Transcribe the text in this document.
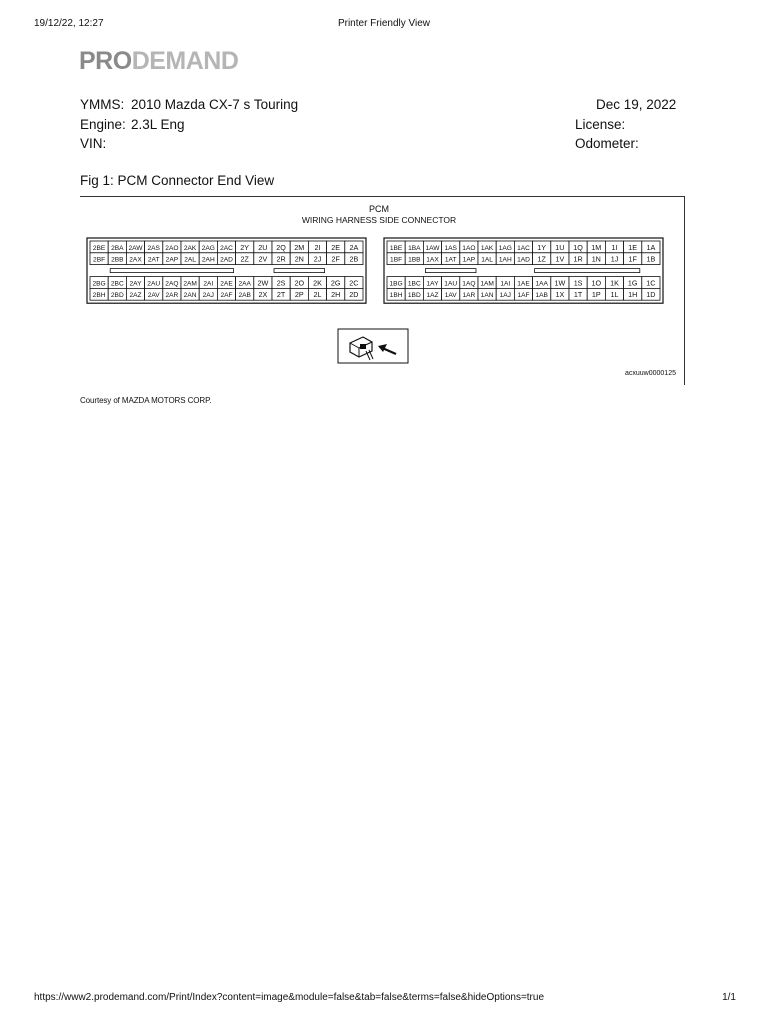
19/12/22, 12:27	Printer Friendly View
PRODEMAND
YMMS: 2010 Mazda CX-7 s Touring	Dec 19, 2022
Engine: 2.3L Eng	License:
VIN:	Odometer:
Fig 1: PCM Connector End View
PCM
WIRING HARNESS SIDE CONNECTOR
2BE 2BA 2AW 2AS 2AO 2AK 2AG 2AC 2Y 2U 2Q 2M 2I 2E 2A
2BF 2BB 2AX 2AT 2AP 2AL 2AH 2AD 2Z 2V 2R 2N 2J 2F 2B
2BG 2BC 2AY 2AU 2AQ 2AM 2AI 2AE 2AA 2W 2S 2O 2K 2G 2C
2BH 2BD 2AZ 2AV 2AR 2AN 2AJ 2AF 2AB 2X 2T 2P 2L 2H 2D
1BE 1BA 1AW 1AS 1AO 1AK 1AG 1AC 1Y 1U 1Q 1M 1I 1E 1A
1BF 1BB 1AX 1AT 1AP 1AL 1AH 1AD 1Z 1V 1R 1N 1J 1F 1B
1BG 1BC 1AY 1AU 1AQ 1AM 1AI 1AE 1AA 1W 1S 1O 1K 1G 1C
1BH 1BD 1AZ 1AV 1AR 1AN 1AJ 1AF 1AB 1X 1T 1P 1L 1H 1D
acxuuw0000125
Courtesy of MAZDA MOTORS CORP.
https://www2.prodemand.com/Print/Index?content=image&module=false&tab=false&terms=false&hideOptions=true	1/1
